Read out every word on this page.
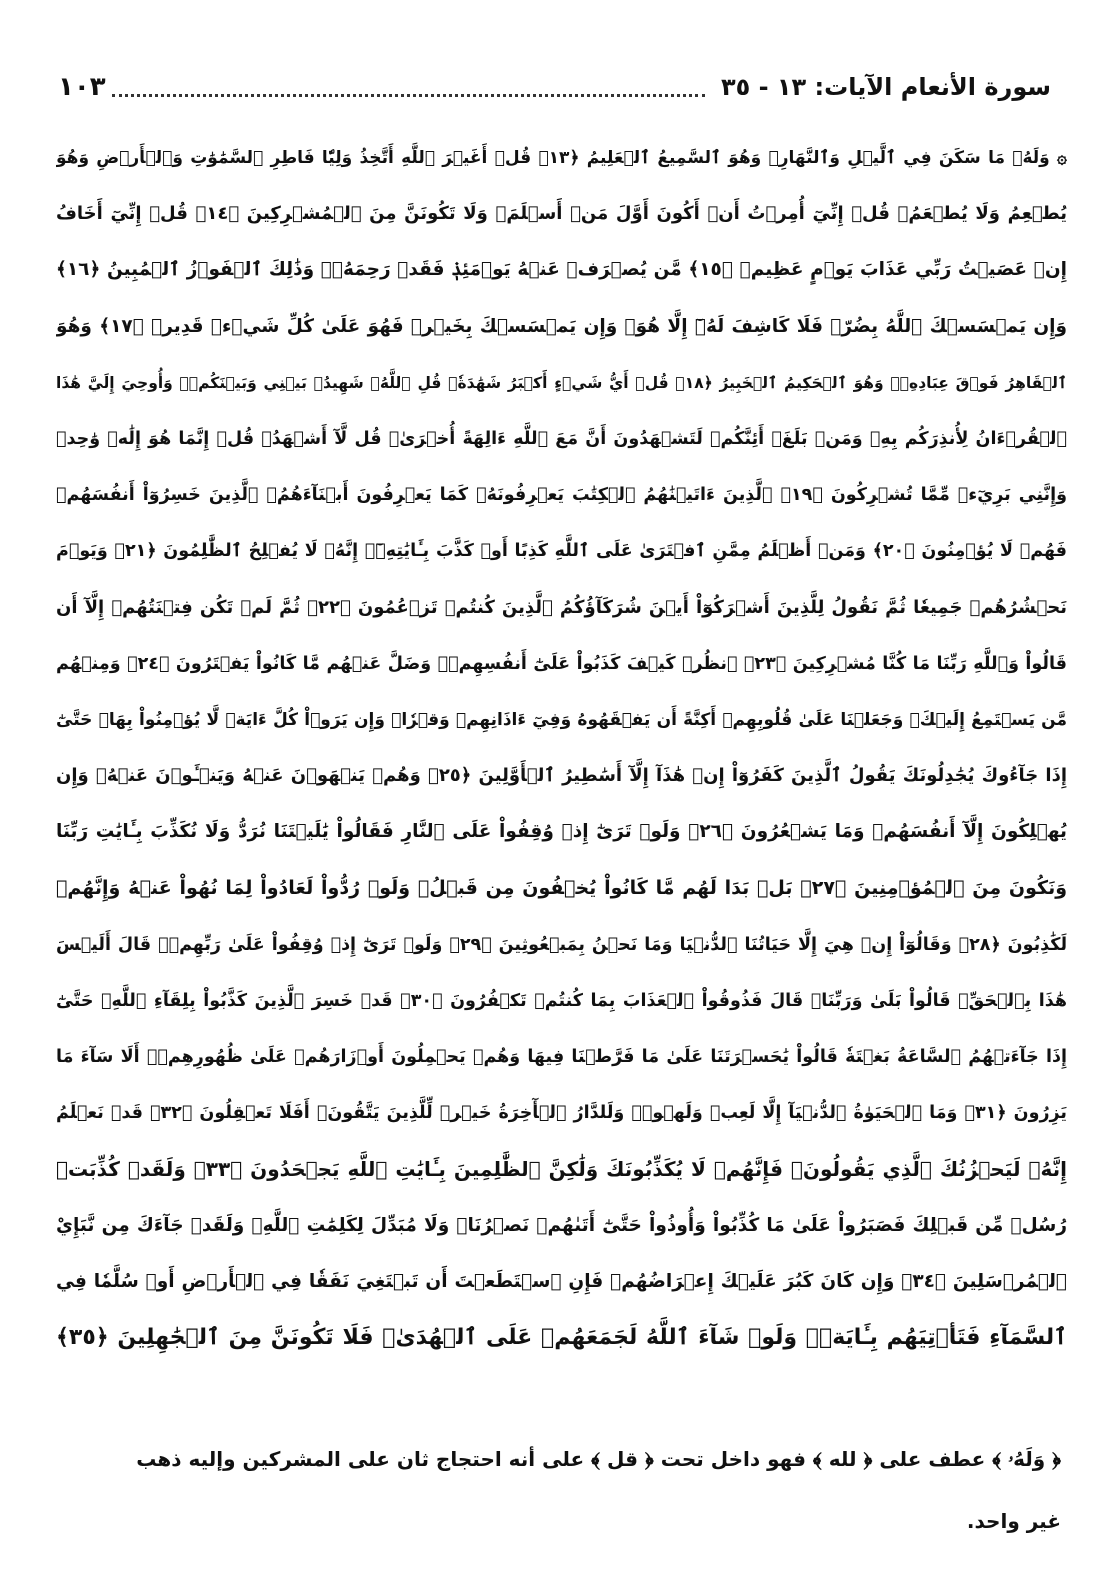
سورة الأنعام الآيات: ١٣ - ٣٥
١٠٣
۞ وَلَهُۥ مَا سَكَنَ فِي ٱلَّيۡلِ وَٱلنَّهَارِۚ وَهُوَ ٱلسَّمِيعُ ٱلۡعَلِيمُ ﴿١٣﴾ قُلۡ أَغَيۡرَ ٱللَّهِ أَتَّخِذُ وَلِيّٗا فَاطِرِ ٱلسَّمَٰوَٰتِ وَٱلۡأَرۡضِ وَهُوَ
يُطۡعِمُ وَلَا يُطۡعَمُۗ قُلۡ إِنِّيٓ أُمِرۡتُ أَنۡ أَكُونَ أَوَّلَ مَنۡ أَسۡلَمَۖ وَلَا تَكُونَنَّ مِنَ ٱلۡمُشۡرِكِينَ ﴿١٤﴾ قُلۡ إِنِّيٓ أَخَافُ
إِنۡ عَصَيۡتُ رَبِّي عَذَابَ يَوۡمٍ عَظِيمٖ ﴿١٥﴾ مَّن يُصۡرَفۡ عَنۡهُ يَوۡمَئِذٖ فَقَدۡ رَحِمَهُۥۚ وَذَٰلِكَ ٱلۡفَوۡزُ ٱلۡمُبِينُ ﴿١٦﴾
وَإِن يَمۡسَسۡكَ ٱللَّهُ بِضُرّٖ فَلَا كَاشِفَ لَهُۥٓ إِلَّا هُوَۖ وَإِن يَمۡسَسۡكَ بِخَيۡرٖ فَهُوَ عَلَىٰ كُلِّ شَيۡءٖ قَدِيرٞ ﴿١٧﴾ وَهُوَ
ٱلۡقَاهِرُ فَوۡقَ عِبَادِهِۦۚ وَهُوَ ٱلۡحَكِيمُ ٱلۡخَبِيرُ ﴿١٨﴾ قُلۡ أَيُّ شَيۡءٍ أَكۡبَرُ شَهَٰدَةٗۖ قُلِ ٱللَّهُۖ شَهِيدُۢ بَيۡنِي وَبَيۡنَكُمۡۚ وَأُوحِيَ إِلَيَّ هَٰذَا
ٱلۡقُرۡءَانُ لِأُنذِرَكُم بِهِۦ وَمَنۢ بَلَغَۚ أَئِنَّكُمۡ لَتَشۡهَدُونَ أَنَّ مَعَ ٱللَّهِ ءَالِهَةً أُخۡرَىٰۚ قُل لَّآ أَشۡهَدُۚ قُلۡ إِنَّمَا هُوَ إِلَٰهٞ وَٰحِدٞ
وَإِنَّنِي بَرِيٓءٞ مِّمَّا تُشۡرِكُونَ ﴿١٩﴾ ٱلَّذِينَ ءَاتَيۡنَٰهُمُ ٱلۡكِتَٰبَ يَعۡرِفُونَهُۥ كَمَا يَعۡرِفُونَ أَبۡنَآءَهُمُۘ ٱلَّذِينَ خَسِرُوٓاْ أَنفُسَهُمۡ
فَهُمۡ لَا يُؤۡمِنُونَ ﴿٢٠﴾ وَمَنۡ أَظۡلَمُ مِمَّنِ ٱفۡتَرَىٰ عَلَى ٱللَّهِ كَذِبًا أَوۡ كَذَّبَ بِـَٔايَٰتِهِۦٓۚ إِنَّهُۥ لَا يُفۡلِحُ ٱلظَّٰلِمُونَ ﴿٢١﴾ وَيَوۡمَ
نَحۡشُرُهُمۡ جَمِيعٗا ثُمَّ نَقُولُ لِلَّذِينَ أَشۡرَكُوٓاْ أَيۡنَ شُرَكَآؤُكُمُ ٱلَّذِينَ كُنتُمۡ تَزۡعُمُونَ ﴿٢٢﴾ ثُمَّ لَمۡ تَكُن فِتۡنَتُهُمۡ إِلَّآ أَن
قَالُواْ وَٱللَّهِ رَبِّنَا مَا كُنَّا مُشۡرِكِينَ ﴿٢٣﴾ ٱنظُرۡ كَيۡفَ كَذَبُواْ عَلَىٰٓ أَنفُسِهِمۡۚ وَضَلَّ عَنۡهُم مَّا كَانُواْ يَفۡتَرُونَ ﴿٢٤﴾ وَمِنۡهُم
مَّن يَسۡتَمِعُ إِلَيۡكَۖ وَجَعَلۡنَا عَلَىٰ قُلُوبِهِمۡ أَكِنَّةً أَن يَفۡقَهُوهُ وَفِيٓ ءَاذَانِهِمۡ وَقۡرٗاۚ وَإِن يَرَوۡاْ كُلَّ ءَايَةٖ لَّا يُؤۡمِنُواْ بِهَاۖ حَتَّىٰٓ
إِذَا جَآءُوكَ يُجَٰدِلُونَكَ يَقُولُ ٱلَّذِينَ كَفَرُوٓاْ إِنۡ هَٰذَآ إِلَّآ أَسَٰطِيرُ ٱلۡأَوَّلِينَ ﴿٢٥﴾ وَهُمۡ يَنۡهَوۡنَ عَنۡهُ وَيَنۡـَٔوۡنَ عَنۡهُۖ وَإِن
يُهۡلِكُونَ إِلَّآ أَنفُسَهُمۡ وَمَا يَشۡعُرُونَ ﴿٢٦﴾ وَلَوۡ تَرَىٰٓ إِذۡ وُقِفُواْ عَلَى ٱلنَّارِ فَقَالُواْ يَٰلَيۡتَنَا نُرَدُّ وَلَا نُكَذِّبَ بِـَٔايَٰتِ رَبِّنَا
وَنَكُونَ مِنَ ٱلۡمُؤۡمِنِينَ ﴿٢٧﴾ بَلۡ بَدَا لَهُم مَّا كَانُواْ يُخۡفُونَ مِن قَبۡلُۖ وَلَوۡ رُدُّواْ لَعَادُواْ لِمَا نُهُواْ عَنۡهُ وَإِنَّهُمۡ
لَكَٰذِبُونَ ﴿٢٨﴾ وَقَالُوٓاْ إِنۡ هِيَ إِلَّا حَيَاتُنَا ٱلدُّنۡيَا وَمَا نَحۡنُ بِمَبۡعُوثِينَ ﴿٢٩﴾ وَلَوۡ تَرَىٰٓ إِذۡ وُقِفُواْ عَلَىٰ رَبِّهِمۡۚ قَالَ أَلَيۡسَ
هَٰذَا بِٱلۡحَقِّۚ قَالُواْ بَلَىٰ وَرَبِّنَاۚ قَالَ فَذُوقُواْ ٱلۡعَذَابَ بِمَا كُنتُمۡ تَكۡفُرُونَ ﴿٣٠﴾ قَدۡ خَسِرَ ٱلَّذِينَ كَذَّبُواْ بِلِقَآءِ ٱللَّهِۖ حَتَّىٰٓ
إِذَا جَآءَتۡهُمُ ٱلسَّاعَةُ بَغۡتَةٗ قَالُواْ يَٰحَسۡرَتَنَا عَلَىٰ مَا فَرَّطۡنَا فِيهَا وَهُمۡ يَحۡمِلُونَ أَوۡزَارَهُمۡ عَلَىٰ ظُهُورِهِمۡۚ أَلَا سَآءَ مَا
يَزِرُونَ ﴿٣١﴾ وَمَا ٱلۡحَيَوٰةُ ٱلدُّنۡيَآ إِلَّا لَعِبٞ وَلَهۡوٞۖ وَلَلدَّارُ ٱلۡأٓخِرَةُ خَيۡرٞ لِّلَّذِينَ يَتَّقُونَۚ أَفَلَا تَعۡقِلُونَ ﴿٣٢﴾ قَدۡ نَعۡلَمُ
إِنَّهُۥ لَيَحۡزُنُكَ ٱلَّذِي يَقُولُونَۖ فَإِنَّهُمۡ لَا يُكَذِّبُونَكَ وَلَٰكِنَّ ٱلظَّٰلِمِينَ بِـَٔايَٰتِ ٱللَّهِ يَجۡحَدُونَ ﴿٣٣﴾ وَلَقَدۡ كُذِّبَتۡ
رُسُلٞ مِّن قَبۡلِكَ فَصَبَرُواْ عَلَىٰ مَا كُذِّبُواْ وَأُوذُواْ حَتَّىٰٓ أَتَىٰهُمۡ نَصۡرُنَاۚ وَلَا مُبَدِّلَ لِكَلِمَٰتِ ٱللَّهِۚ وَلَقَدۡ جَآءَكَ مِن نَّبَإِيْ
ٱلۡمُرۡسَلِينَ ﴿٣٤﴾ وَإِن كَانَ كَبُرَ عَلَيۡكَ إِعۡرَاضُهُمۡ فَإِنِ ٱسۡتَطَعۡتَ أَن تَبۡتَغِيَ نَفَقٗا فِي ٱلۡأَرۡضِ أَوۡ سُلَّمٗا فِي
ٱلسَّمَآءِ فَتَأۡتِيَهُم بِـَٔايَةٖۚ وَلَوۡ شَآءَ ٱللَّهُ لَجَمَعَهُمۡ عَلَى ٱلۡهُدَىٰۚ فَلَا تَكُونَنَّ مِنَ ٱلۡجَٰهِلِينَ ﴿٣٥﴾
﴿ وَلَهُۥ ﴾ عطف على ﴿ لله ﴾ فهو داخل تحت ﴿ قل ﴾ على أنه احتجاج ثان على المشركين وإليه ذهب
غير واحد.
